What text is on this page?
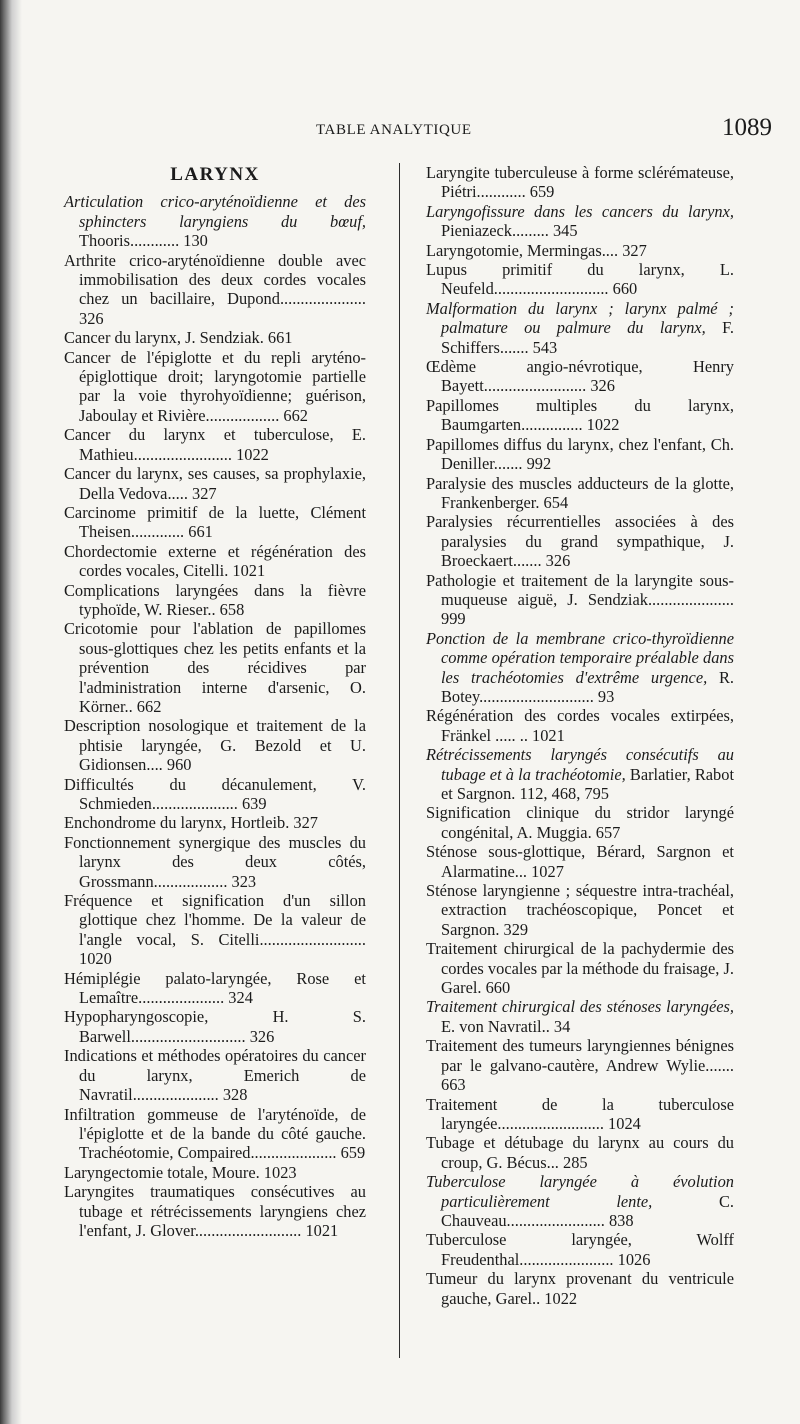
TABLE ANALYTIQUE	1089
LARYNX

Articulation crico-aryténoïdienne et des sphincters laryngiens du bœuf, Thooris............ 130

Arthrite crico-aryténoïdienne double avec immobilisation des deux cordes vocales chez un bacillaire, Dupond..................... 326

Cancer du larynx, J. Sendziak. 661

Cancer de l'épiglotte et du repli aryténo-épiglottique droit; laryngotomie partielle par la voie thyrohyoïdienne; guérison, Jaboulay et Rivière.................. 662

Cancer du larynx et tuberculose, E. Mathieu........................ 1022

Cancer du larynx, ses causes, sa prophylaxie, Della Vedova..... 327

Carcinome primitif de la luette, Clément Theisen............. 661

Chordectomie externe et régénération des cordes vocales, Citelli. 1021

Complications laryngées dans la fièvre typhoïde, W. Rieser.. 658

Cricotomie pour l'ablation de papillomes sous-glottiques chez les petits enfants et la prévention des récidives par l'administration interne d'arsenic, O. Körner.. 662

Description nosologique et traitement de la phtisie laryngée, G. Bezold et U. Gidionsen.... 960

Difficultés du décanulement, V. Schmieden..................... 639

Enchondrome du larynx, Hortleib. 327

Fonctionnement synergique des muscles du larynx des deux côtés, Grossmann.................. 323

Fréquence et signification d'un sillon glottique chez l'homme. De la valeur de l'angle vocal, S. Citelli.......................... 1020

Hémiplégie palato-laryngée, Rose et Lemaître..................... 324

Hypopharyngoscopie, H. S. Barwell............................ 326

Indications et méthodes opératoires du cancer du larynx, Emerich de Navratil..................... 328

Infiltration gommeuse de l'aryténoïde, de l'épiglotte et de la bande du côté gauche. Trachéotomie, Compaired..................... 659

Laryngectomie totale, Moure. 1023

Laryngites traumatiques consécutives au tubage et rétrécissements laryngiens chez l'enfant, J. Glover.......................... 1021

Laryngite tuberculeuse à forme sclérémateuse, Piétri............ 659

Laryngofissure dans les cancers du larynx, Pieniazeck......... 345

Laryngotomie, Mermingas.... 327

Lupus primitif du larynx, L. Neufeld............................ 660

Malformation du larynx ; larynx palmé ; palmature ou palmure du larynx, F. Schiffers....... 543

Œdème angio-névrotique, Henry Bayett......................... 326

Papillomes multiples du larynx, Baumgarten............... 1022

Papillomes diffus du larynx, chez l'enfant, Ch. Deniller....... 992

Paralysie des muscles adducteurs de la glotte, Frankenberger. 654

Paralysies récurrentielles associées à des paralysies du grand sympathique, J. Broeckaert....... 326

Pathologie et traitement de la laryngite sous-muqueuse aiguë, J. Sendziak..................... 999

Ponction de la membrane crico-thyroïdienne comme opération temporaire préalable dans les trachéotomies d'extrême urgence, R. Botey............................ 93

Régénération des cordes vocales extirpées, Fränkel ..... .. 1021

Rétrécissements laryngés consécutifs au tubage et à la trachéotomie, Barlatier, Rabot et Sargnon. 112, 468, 795

Signification clinique du stridor laryngé congénital, A. Muggia. 657

Sténose sous-glottique, Bérard, Sargnon et Alarmatine... 1027

Sténose laryngienne ; séquestre intra-trachéal, extraction trachéoscopique, Poncet et Sargnon. 329

Traitement chirurgical de la pachydermie des cordes vocales par la méthode du fraisage, J. Garel. 660

Traitement chirurgical des sténoses laryngées, E. von Navratil.. 34

Traitement des tumeurs laryngiennes bénignes par le galvano-cautère, Andrew Wylie....... 663

Traitement de la tuberculose laryngée.......................... 1024

Tubage et détubage du larynx au cours du croup, G. Bécus... 285

Tuberculose laryngée à évolution particulièrement lente, C. Chauveau........................ 838

Tuberculose laryngée, Wolff Freudenthal....................... 1026

Tumeur du larynx provenant du ventricule gauche, Garel.. 1022
